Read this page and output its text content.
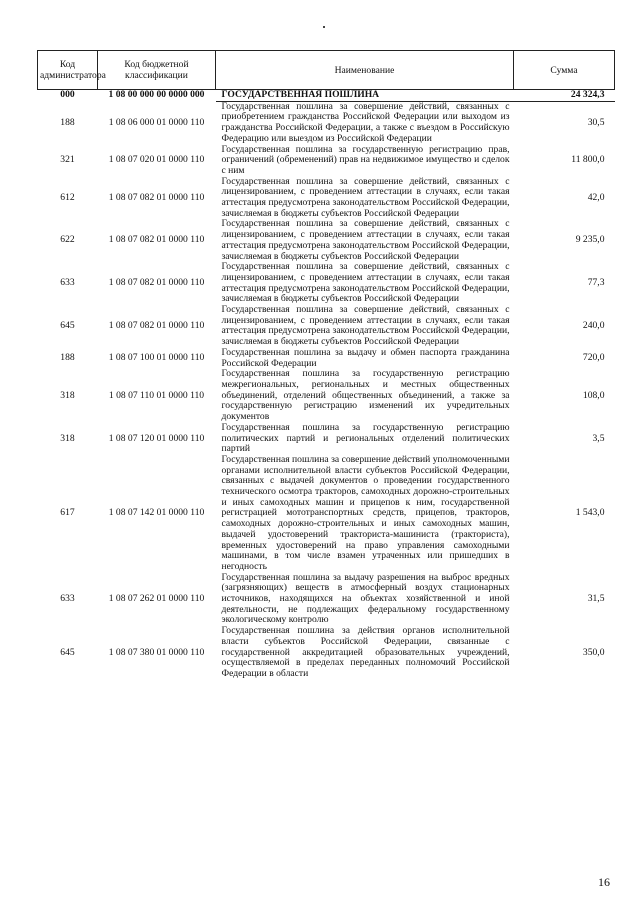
Код администратора	Код бюджетной классификации	Наименование	Сумма
000	1 08 00 000 00 0000 000	ГОСУДАРСТВЕННАЯ ПОШЛИНА	24 324,3
188	1 08 06 000 01 0000 110	Государственная пошлина за совершение действий, связанных с приобретением гражданства Российской Федерации или выходом из гражданства Российской Федерации, а также с въездом в Российскую Федерацию или выездом из Российской Федерации	30,5
321	1 08 07 020 01 0000 110	Государственная пошлина за государственную регистрацию прав, ограничений (обременений) прав на недвижимое имущество и сделок с ним	11 800,0
612	1 08 07 082 01 0000 110	Государственная пошлина за совершение действий, связанных с лицензированием, с проведением аттестации в случаях, если такая аттестация предусмотрена законодательством Российской Федерации, зачисляемая в бюджеты субъектов Российской Федерации	42,0
622	1 08 07 082 01 0000 110	Государственная пошлина за совершение действий, связанных с лицензированием, с проведением аттестации в случаях, если такая аттестация предусмотрена законодательством Российской Федерации, зачисляемая в бюджеты субъектов Российской Федерации	9 235,0
633	1 08 07 082 01 0000 110	Государственная пошлина за совершение действий, связанных с лицензированием, с проведением аттестации в случаях, если такая аттестация предусмотрена законодательством Российской Федерации, зачисляемая в бюджеты субъектов Российской Федерации	77,3
645	1 08 07 082 01 0000 110	Государственная пошлина за совершение действий, связанных с лицензированием, с проведением аттестации в случаях, если такая аттестация предусмотрена законодательством Российской Федерации, зачисляемая в бюджеты субъектов Российской Федерации	240,0
188	1 08 07 100 01 0000 110	Государственная пошлина за выдачу и обмен паспорта гражданина Российской Федерации	720,0
318	1 08 07 110 01 0000 110	Государственная пошлина за государственную регистрацию межрегиональных, региональных и местных общественных объединений, отделений общественных объединений, а также за государственную регистрацию изменений их учредительных документов	108,0
318	1 08 07 120 01 0000 110	Государственная пошлина за государственную регистрацию политических партий и региональных отделений политических партий	3,5
617	1 08 07 142 01 0000 110	Государственная пошлина за совершение действий уполномоченными органами исполнительной власти субъектов Российской Федерации, связанных с выдачей документов о проведении государственного технического осмотра тракторов, самоходных дорожно-строительных и иных самоходных машин и прицепов к ним, государственной регистрацией мототранспортных средств, прицепов, тракторов, самоходных дорожно-строительных и иных самоходных машин, выдачей удостоверений тракториста-машиниста (тракториста), временных удостоверений на право управления самоходными машинами, в том числе взамен утраченных или пришедших в негодность	1 543,0
633	1 08 07 262 01 0000 110	Государственная пошлина за выдачу разрешения на выброс вредных (загрязняющих) веществ в атмосферный воздух стационарных источников, находящихся на объектах хозяйственной и иной деятельности, не подлежащих федеральному государственному экологическому контролю	31,5
645	1 08 07 380 01 0000 110	Государственная пошлина за действия органов исполнительной власти субъектов Российской Федерации, связанные с государственной аккредитацией образовательных учреждений, осуществляемой в пределах переданных полномочий Российской Федерации в области	350,0
16
